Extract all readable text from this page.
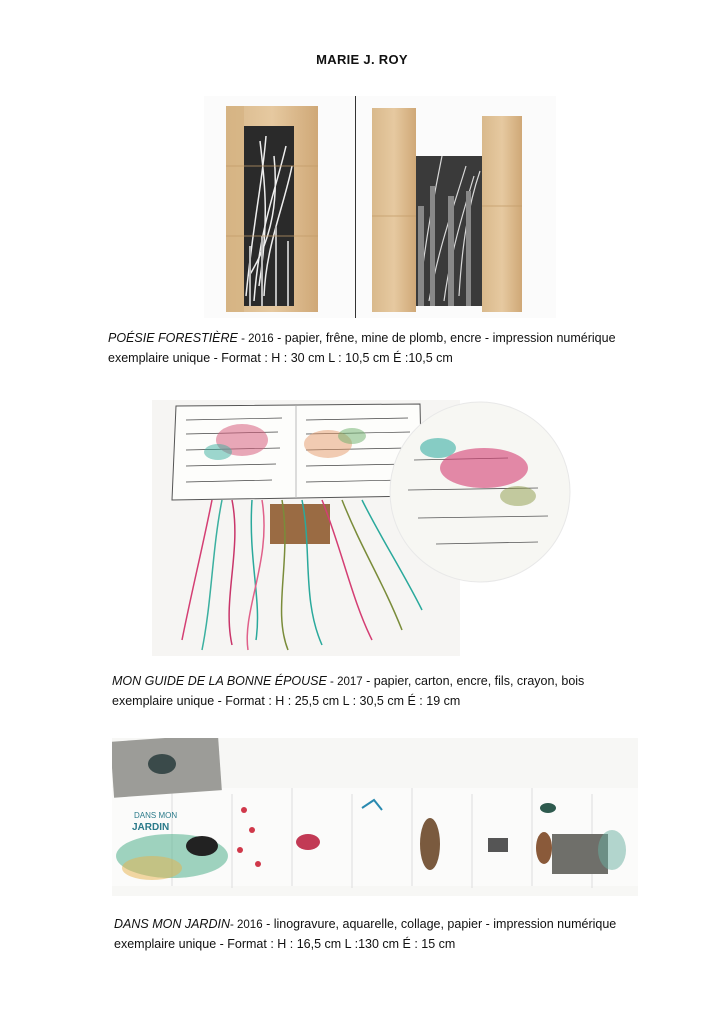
MARIE J. ROY
POÉSIE FORESTIÈRE - 2016 - papier, frêne, mine de plomb, encre - impression numérique
exemplaire unique - Format : H : 30 cm L : 10,5 cm É :10,5 cm
MON GUIDE DE LA BONNE ÉPOUSE - 2017 - papier, carton, encre, fils, crayon, bois
exemplaire unique - Format : H : 25,5 cm L : 30,5 cm É : 19 cm
DANS MON
JARDIN
DANS MON JARDIN- 2016 - linogravure, aquarelle, collage, papier - impression numérique
exemplaire unique - Format : H : 16,5 cm L :130 cm É : 15 cm
